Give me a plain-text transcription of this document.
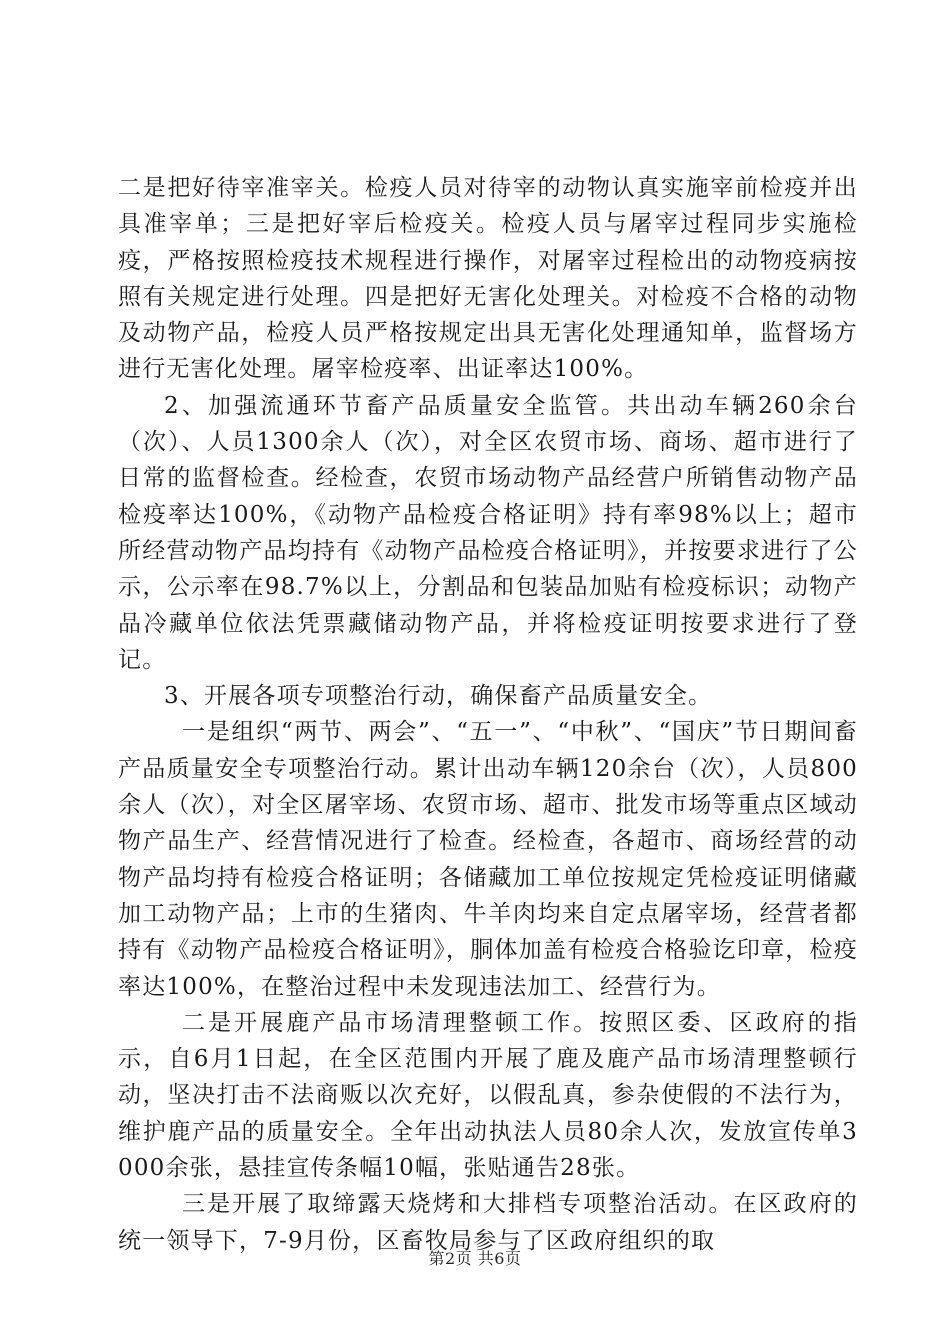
二是把好待宰准宰关。检疫人员对待宰的动物认真实施宰前检疫并出具准宰单；三是把好宰后检疫关。检疫人员与屠宰过程同步实施检疫，严格按照检疫技术规程进行操作，对屠宰过程检出的动物疫病按照有关规定进行处理。四是把好无害化处理关。对检疫不合格的动物及动物产品，检疫人员严格按规定出具无害化处理通知单，监督场方进行无害化处理。屠宰检疫率、出证率达100%。

2、加强流通环节畜产品质量安全监管。共出动车辆260余台（次）、人员1300余人（次），对全区农贸市场、商场、超市进行了日常的监督检查。经检查，农贸市场动物产品经营户所销售动物产品检疫率达100%，《动物产品检疫合格证明》持有率98%以上；超市所经营动物产品均持有《动物产品检疫合格证明》，并按要求进行了公示，公示率在98.7%以上，分割品和包装品加贴有检疫标识；动物产品冷藏单位依法凭票藏储动物产品，并将检疫证明按要求进行了登记。

3、开展各项专项整治行动，确保畜产品质量安全。

一是组织“两节、两会”、“五一”、“中秋”、“国庆”节日期间畜产品质量安全专项整治行动。累计出动车辆120余台（次），人员800余人（次），对全区屠宰场、农贸市场、超市、批发市场等重点区域动物产品生产、经营情况进行了检查。经检查，各超市、商场经营的动物产品均持有检疫合格证明；各储藏加工单位按规定凭检疫证明储藏加工动物产品；上市的生猪肉、牛羊肉均来自定点屠宰场，经营者都持有《动物产品检疫合格证明》，胴体加盖有检疫合格验讫印章，检疫率达100%，在整治过程中未发现违法加工、经营行为。

二是开展鹿产品市场清理整顿工作。按照区委、区政府的指示，自6月1日起，在全区范围内开展了鹿及鹿产品市场清理整顿行动，坚决打击不法商贩以次充好，以假乱真，参杂使假的不法行为，维护鹿产品的质量安全。全年出动执法人员80余人次，发放宣传单3000余张，悬挂宣传条幅10幅，张贴通告28张。

三是开展了取缔露天烧烤和大排档专项整治活动。在区政府的统一领导下，7-9月份，区畜牧局参与了区政府组织的取

第2页 共6页
